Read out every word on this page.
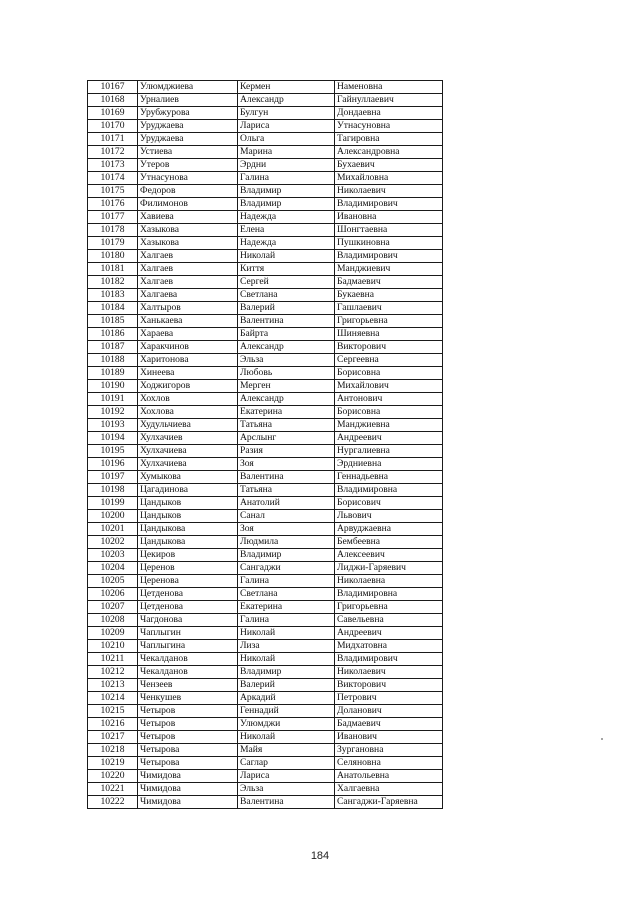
10167	Улюмджиева	Кермен	Наменовна
10168	Урналиев	Александр	Гайнуллаевич
10169	Урубжурова	Булгун	Дондаевна
10170	Уруджаева	Лариса	Утнасуновна
10171	Уруджаева	Ольга	Тагировна
10172	Устиева	Марина	Александровна
10173	Утеров	Эрдни	Бухаевич
10174	Утнасунова	Галина	Михайловна
10175	Федоров	Владимир	Николаевич
10176	Филимонов	Владимир	Владимирович
10177	Хавиева	Надежда	Ивановна
10178	Хазыкова	Елена	Шонгтаевна
10179	Хазыкова	Надежда	Пушкиновна
10180	Халгаев	Николай	Владимирович
10181	Халгаев	Киття	Манджиевич
10182	Халгаев	Сергей	Бадмаевич
10183	Халгаева	Светлана	Букаевна
10184	Халтыров	Валерий	Гашлаевич
10185	Ханькаева	Валентина	Григорьевна
10186	Хараева	Байрта	Шиняевна
10187	Харакчинов	Александр	Викторович
10188	Харитонова	Эльза	Сергеевна
10189	Хинеева	Любовь	Борисовна
10190	Ходжигоров	Мерген	Михайлович
10191	Хохлов	Александр	Антонович
10192	Хохлова	Екатерина	Борисовна
10193	Худульчиева	Татьяна	Манджиевна
10194	Хулхачиев	Арслынг	Андреевич
10195	Хулхачиева	Разия	Нургалиевна
10196	Хулхачиева	Зоя	Эрдниевна
10197	Хумыкова	Валентина	Геннадьевна
10198	Цагадинова	Татьяна	Владимировна
10199	Цандыков	Анатолий	Борисович
10200	Цандыков	Санал	Львович
10201	Цандыкова	Зоя	Арвуджаевна
10202	Цандыкова	Людмила	Бембеевна
10203	Цекиров	Владимир	Алексеевич
10204	Церенов	Сангаджи	Лиджи-Гаряевич
10205	Церенова	Галина	Николаевна
10206	Цетденова	Светлана	Владимировна
10207	Цетденова	Екатерина	Григорьевна
10208	Чагдонова	Галина	Савельевна
10209	Чаплыгин	Николай	Андреевич
10210	Чаплыгина	Лиза	Мидхатовна
10211	Чекалданов	Николай	Владимирович
10212	Чекалданов	Владимир	Николаевич
10213	Чензеев	Валерий	Викторович
10214	Ченкушев	Аркадий	Петрович
10215	Четыров	Геннадий	Доланович
10216	Четыров	Улюмджи	Бадмаевич
10217	Четыров	Николай	Иванович
10218	Четырова	Майя	Зургановна
10219	Четырова	Саглар	Селяновна
10220	Чимидова	Лариса	Анатольевна
10221	Чимидова	Эльза	Халгаевна
10222	Чимидова	Валентина	Сангаджи-Гаряевна
184
